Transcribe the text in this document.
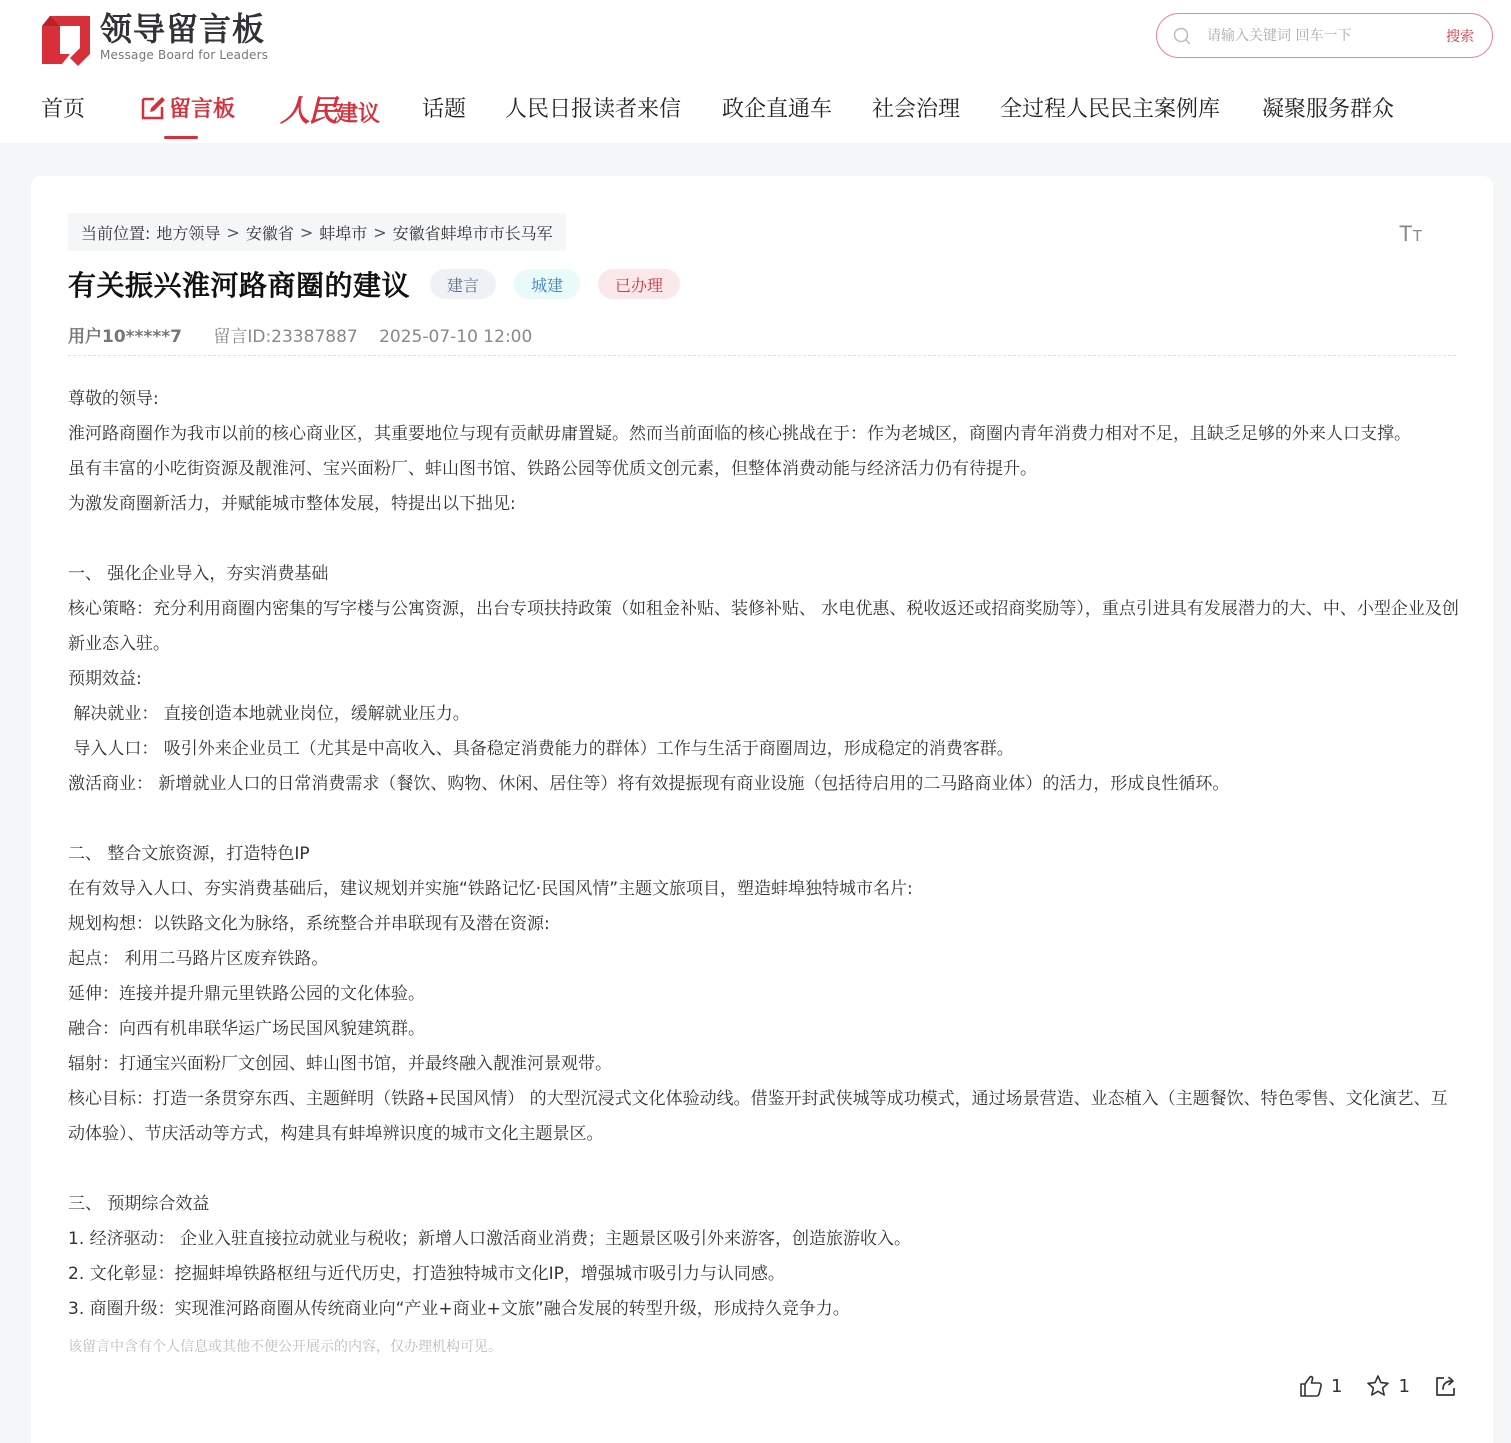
领导留言板
Message Board for Leaders
请输入关键词 回车一下
搜索
首页	留言板 人民建议 话题 人民日报读者来信 政企直通车 社会治理 全过程人民民主案例库 凝聚服务群众
当前位置: 地方领导 > 安徽省 > 蚌埠市 > 安徽省蚌埠市市长马军	TT
有关振兴淮河路商圈的建议	建言	城建	已办理
用户10*****7 留言ID:23387887 2025-07-10 12:00

尊敬的领导:

淮河路商圈作为我市以前的核心商业区，其重要地位与现有贡献毋庸置疑。然而当前面临的核心挑战在于：作为老城区，商圈内青年消费力相对不足，且缺乏足够的外来人口支撑。

虽有丰富的小吃街资源及靓淮河、宝兴面粉厂、蚌山图书馆、铁路公园等优质文创元素，但整体消费动能与经济活力仍有待提升。

为激发商圈新活力，并赋能城市整体发展，特提出以下拙见:

一、 强化企业导入，夯实消费基础

核心策略：充分利用商圈内密集的写字楼与公寓资源，出台专项扶持政策（如租金补贴、装修补贴、 水电优惠、税收返还或招商奖励等），重点引进具有发展潜力的大、中、小型企业及创新业态入驻。

预期效益:

解决就业： 直接创造本地就业岗位，缓解就业压力。

导入人口： 吸引外来企业员工（尤其是中高收入、具备稳定消费能力的群体）工作与生活于商圈周边，形成稳定的消费客群。

激活商业： 新增就业人口的日常消费需求（餐饮、购物、休闲、居住等）将有效提振现有商业设施（包括待启用的二马路商业体）的活力，形成良性循环。

二、 整合文旅资源，打造特色IP

在有效导入人口、夯实消费基础后，建议规划并实施“铁路记忆·民国风情”主题文旅项目，塑造蚌埠独特城市名片:

规划构想：以铁路文化为脉络，系统整合并串联现有及潜在资源:

起点： 利用二马路片区废弃铁路。

延伸：连接并提升鼎元里铁路公园的文化体验。

融合：向西有机串联华运广场民国风貌建筑群。

辐射：打通宝兴面粉厂文创园、蚌山图书馆，并最终融入靓淮河景观带。

核心目标：打造一条贯穿东西、主题鲜明（铁路+民国风情） 的大型沉浸式文化体验动线。借鉴开封武侠城等成功模式，通过场景营造、业态植入（主题餐饮、特色零售、文化演艺、互动体验）、节庆活动等方式，构建具有蚌埠辨识度的城市文化主题景区。

三、 预期综合效益

1. 经济驱动： 企业入驻直接拉动就业与税收；新增人口激活商业消费；主题景区吸引外来游客，创造旅游收入。

2. 文化彰显：挖掘蚌埠铁路枢纽与近代历史，打造独特城市文化IP，增强城市吸引力与认同感。

3. 商圈升级：实现淮河路商圈从传统商业向“产业+商业+文旅”融合发展的转型升级，形成持久竞争力。

该留言中含有个人信息或其他不便公开展示的内容，仅办理机构可见。
1	1
